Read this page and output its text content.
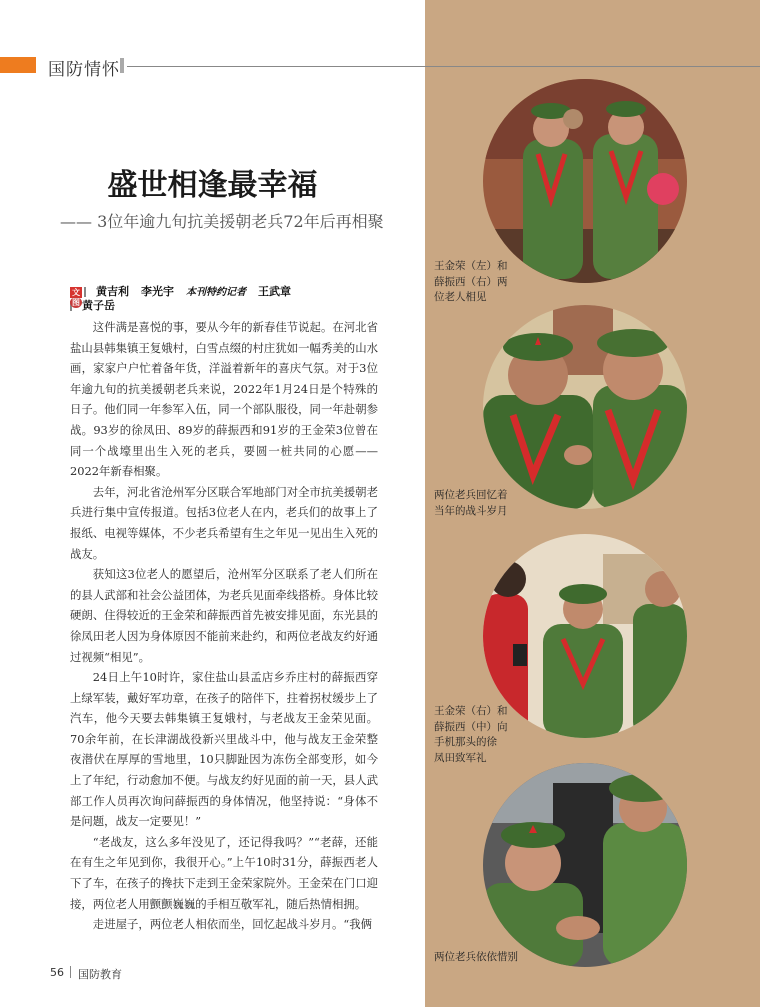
国防情怀
盛世相逢最幸福
—— 3位年逾九旬抗美援朝老兵72年后再相聚
文 黄吉利 李光宇 本刊特约记者 王武章
图 黄子岳

这件满是喜悦的事，要从今年的新春佳节说起。在河北省盐山县韩集镇王复娥村，白雪点缀的村庄犹如一幅秀美的山水画，家家户户忙着备年货，洋溢着新年的喜庆气氛。对于3位年逾九旬的抗美援朝老兵来说，2022年1月24日是个特殊的日子。他们同一年参军入伍，同一个部队服役，同一年赴朝参战。93岁的徐凤田、89岁的薛振西和91岁的王金荣3位曾在同一个战壕里出生入死的老兵，要圆一桩共同的心愿——2022年新春相聚。

去年，河北省沧州军分区联合军地部门对全市抗美援朝老兵进行集中宣传报道。包括3位老人在内，老兵们的故事上了报纸、电视等媒体，不少老兵希望有生之年见一见出生入死的战友。

获知这3位老人的愿望后，沧州军分区联系了老人们所在的县人武部和社会公益团体，为老兵见面牵线搭桥。身体比较硬朗、住得较近的王金荣和薛振西首先被安排见面，东光县的徐凤田老人因为身体原因不能前来赴约，和两位老战友约好通过视频“相见”。

24日上午10时许，家住盐山县孟店乡乔庄村的薛振西穿上绿军装，戴好军功章，在孩子的陪伴下，拄着拐杖缓步上了汽车，他今天要去韩集镇王复娥村，与老战友王金荣见面。70余年前，在长津湖战役新兴里战斗中，他与战友王金荣整夜潜伏在厚厚的雪地里，10只脚趾因为冻伤全部变形，如今上了年纪，行动愈加不便。与战友约好见面的前一天，县人武部工作人员再次询问薛振西的身体情况，他坚持说：“身体不是问题，战友一定要见！”

“老战友，这么多年没见了，还记得我吗？”“老薛，还能在有生之年见到你，我很开心。”上午10时31分，薛振西老人下了车，在孩子的搀扶下走到王金荣家院外。王金荣在门口迎接，两位老人用颤颤巍巍的手相互敬军礼，随后热情相拥。

走进屋子，两位老人相依而坐，回忆起战斗岁月。“我俩

王金荣（左）和
薛振西（右）两
位老人相见
两位老兵回忆着
当年的战斗岁月
王金荣（右）和
薛振西（中）向
手机那头的徐
凤田致军礼
两位老兵依依惜别
56 国防教育
